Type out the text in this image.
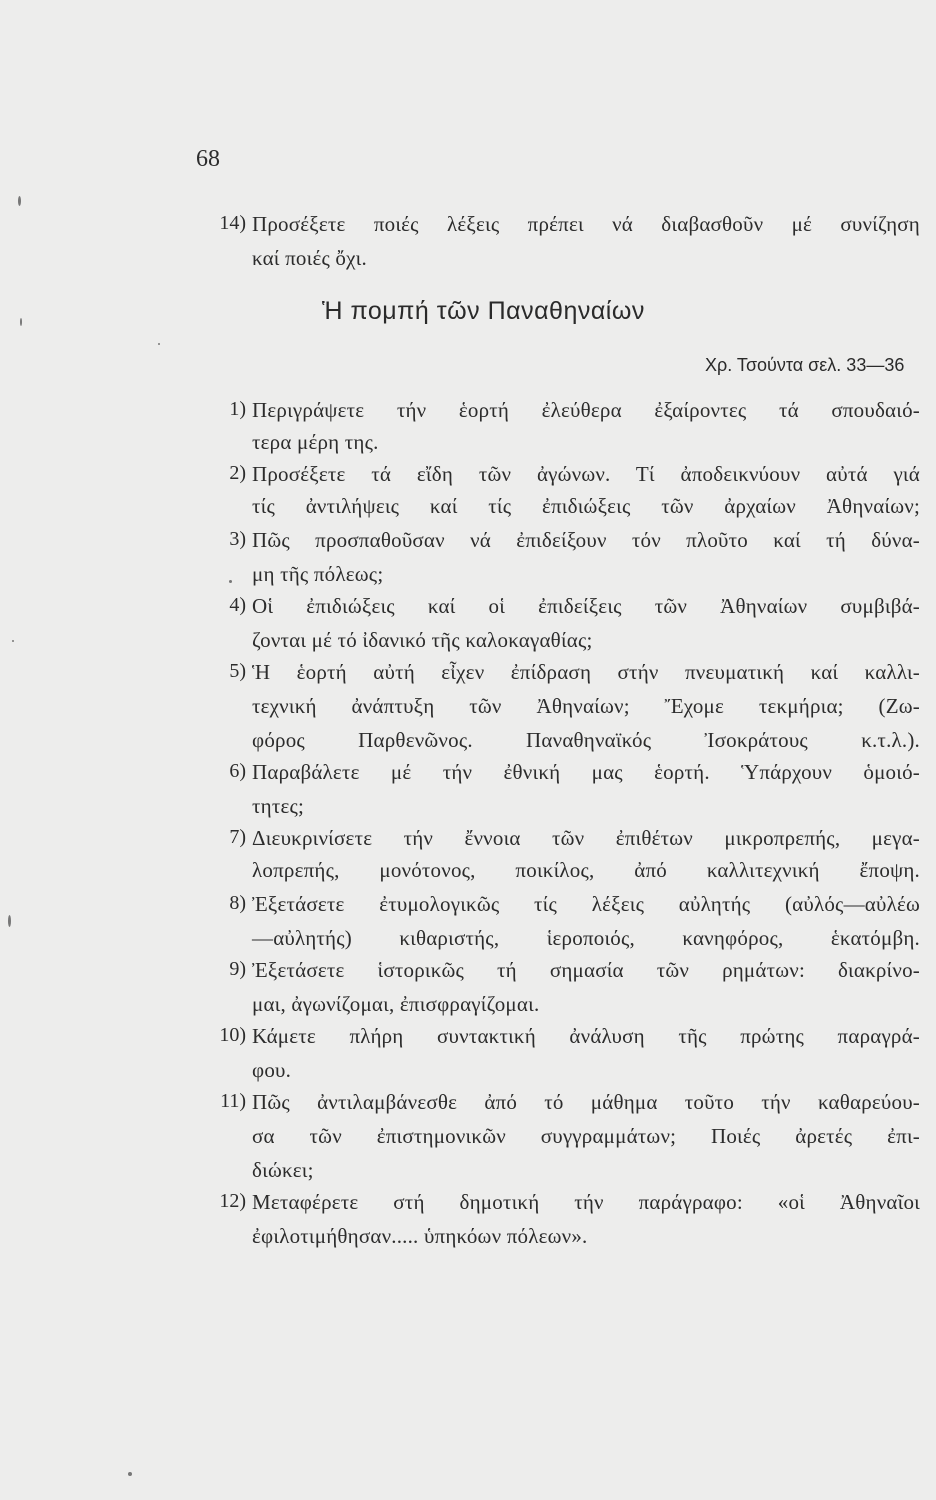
68
14) Προσέξετε ποιές λέξεις πρέπει νά διαβασθοῦν μέ συνίζηση
καί ποιές ὄχι.
Ἡ πομπή τῶν Παναθηναίων
Χρ. Τσούντα σελ. 33—36
1) Περιγράψετε τήν ἑορτή ἐλεύθερα ἐξαίροντες τά σπουδαιό-
τερα μέρη της.
2) Προσέξετε τά εἴδη τῶν ἀγώνων. Τί ἀποδεικνύουν αὐτά γιά
τίς ἀντιλήψεις καί τίς ἐπιδιώξεις τῶν ἀρχαίων Ἀθηναίων;
3) Πῶς προσπαθοῦσαν νά ἐπιδείξουν τόν πλοῦτο καί τή δύνα-
μη τῆς πόλεως;
4) Οἱ ἐπιδιώξεις καί οἱ ἐπιδείξεις τῶν Ἀθηναίων συμβιβά-
ζονται μέ τό ἰδανικό τῆς καλοκαγαθίας;
5) Ἡ ἑορτή αὐτή εἶχεν ἐπίδραση στήν πνευματική καί καλλι-
τεχνική ἀνάπτυξη τῶν Ἀθηναίων; Ἔχομε τεκμήρια; (Ζω-
φόρος Παρθενῶνος. Παναθηναϊκός Ἰσοκράτους κ.τ.λ.).
6) Παραβάλετε μέ τήν ἐθνική μας ἑορτή. Ὑπάρχουν ὁμοιό-
τητες;
7) Διευκρινίσετε τήν ἔννοια τῶν ἐπιθέτων μικροπρεπής, μεγα-
λοπρεπής, μονότονος, ποικίλος, ἀπό καλλιτεχνική ἔποψη.
8) Ἐξετάσετε ἐτυμολογικῶς τίς λέξεις αὐλητής (αὐλός—αὐλέω
—αὐλητής) κιθαριστής, ἱεροποιός, κανηφόρος, ἑκατόμβη.
9) Ἐξετάσετε ἱστορικῶς τή σημασία τῶν ρημάτων: διακρίνο-
μαι, ἀγωνίζομαι, ἐπισφραγίζομαι.
10) Κάμετε πλήρη συντακτική ἀνάλυση τῆς πρώτης παραγρά-
φου.
11) Πῶς ἀντιλαμβάνεσθε ἀπό τό μάθημα τοῦτο τήν καθαρεύου-
σα τῶν ἐπιστημονικῶν συγγραμμάτων; Ποιές ἀρετές ἐπι-
διώκει;
12) Μεταφέρετε στή δημοτική τήν παράγραφο: «οἱ Ἀθηναῖοι
ἐφιλοτιμήθησαν..... ὑπηκόων πόλεων».
